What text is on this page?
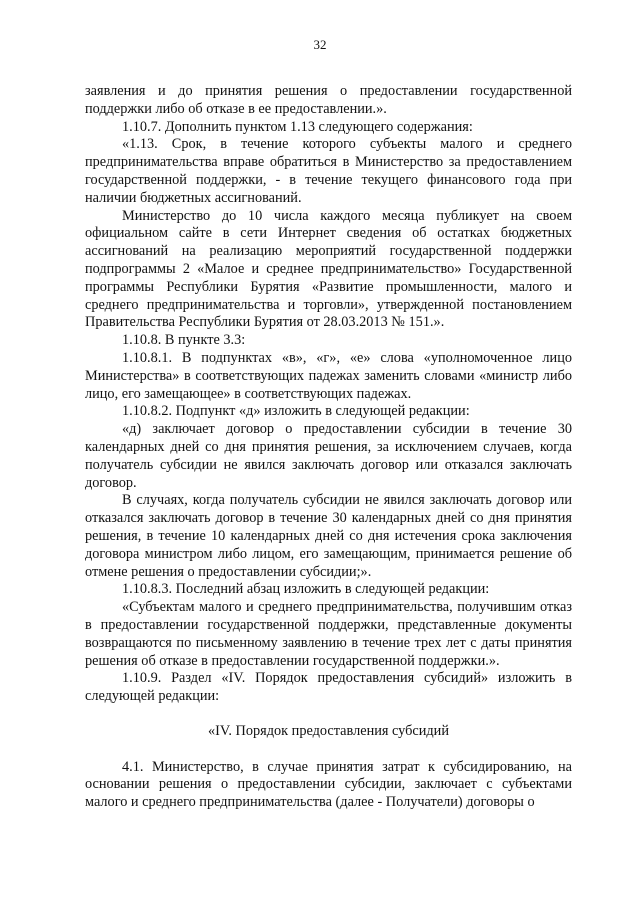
32

заявления и до принятия решения о предоставлении государственной поддержки либо об отказе в ее предоставлении.».

1.10.7. Дополнить пунктом 1.13 следующего содержания:

«1.13. Срок, в течение которого субъекты малого и среднего предпринимательства вправе обратиться в Министерство за предоставлением государственной поддержки, - в течение текущего финансового года при наличии бюджетных ассигнований.

Министерство до 10 числа каждого месяца публикует на своем официальном сайте в сети Интернет сведения об остатках бюджетных ассигнований на реализацию мероприятий государственной поддержки подпрограммы 2 «Малое и среднее предпринимательство» Государственной программы Республики Бурятия «Развитие промышленности, малого и среднего предпринимательства и торговли», утвержденной постановлением Правительства Республики Бурятия от 28.03.2013 № 151.».

1.10.8. В пункте 3.3:

1.10.8.1. В подпунктах «в», «г», «е» слова «уполномоченное лицо Министерства» в соответствующих падежах заменить словами «министр либо лицо, его замещающее» в соответствующих падежах.

1.10.8.2. Подпункт «д» изложить в следующей редакции:

«д) заключает договор о предоставлении субсидии в течение 30 календарных дней со дня принятия решения, за исключением случаев, когда получатель субсидии не явился заключать договор или отказался заключать договор.

В случаях, когда получатель субсидии не явился заключать договор или отказался заключать договор в течение 30 календарных дней со дня принятия решения, в течение 10 календарных дней со дня истечения срока заключения договора министром либо лицом, его замещающим, принимается решение об отмене решения о предоставлении субсидии;».

1.10.8.3. Последний абзац изложить в следующей редакции:

«Субъектам малого и среднего предпринимательства, получившим отказ в предоставлении государственной поддержки, представленные документы возвращаются по письменному заявлению в течение трех лет с даты принятия решения об отказе в предоставлении государственной поддержки.».

1.10.9. Раздел «IV. Порядок предоставления субсидий» изложить в следующей редакции:

«IV. Порядок предоставления субсидий

4.1. Министерство, в случае принятия затрат к субсидированию, на основании решения о предоставлении субсидии, заключает с субъектами малого и среднего предпринимательства (далее - Получатели) договоры о
